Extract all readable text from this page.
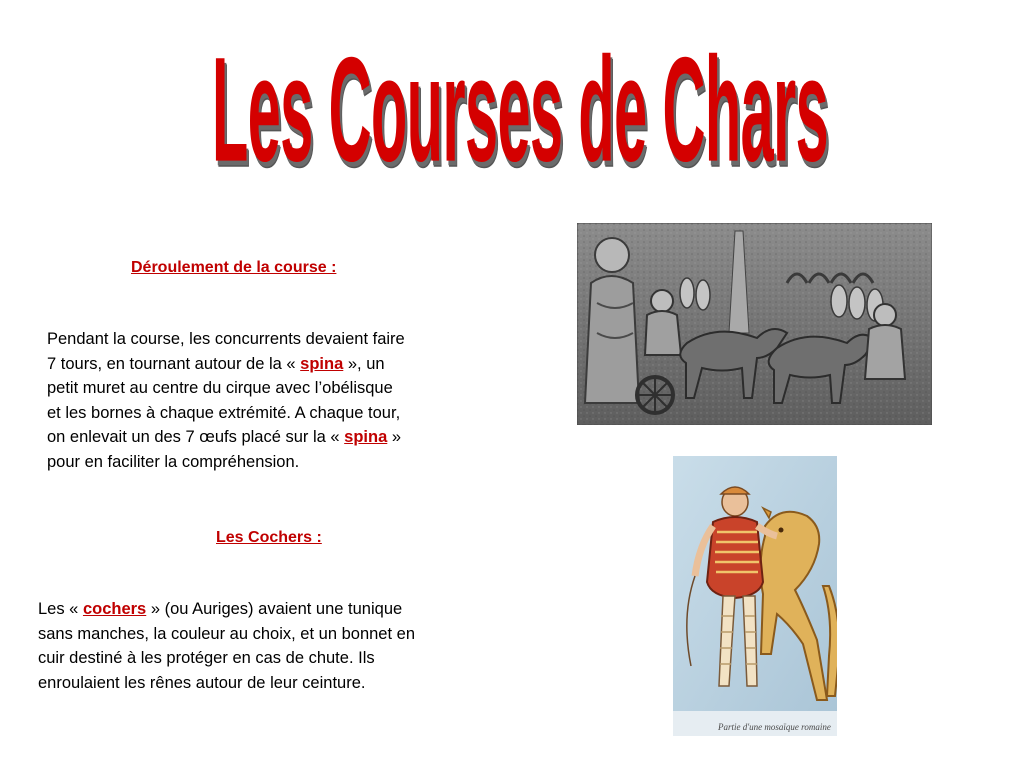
Les Courses de Chars
Déroulement de la course :
Pendant la course, les concurrents devaient faire
7 tours, en tournant autour de la « spina », un
petit muret au centre du cirque avec l’obélisque
et les bornes à chaque extrémité. A chaque tour,
on enlevait un des 7 œufs placé sur la « spina »
pour en faciliter la compréhension.
Les Cochers :
Les « cochers » (ou Auriges) avaient une tunique
sans manches, la couleur au choix, et un bonnet en
cuir destiné à les protéger en cas de chute. Ils
enroulaient les rênes autour de leur ceinture.
Partie d'une mosaïque romaine
